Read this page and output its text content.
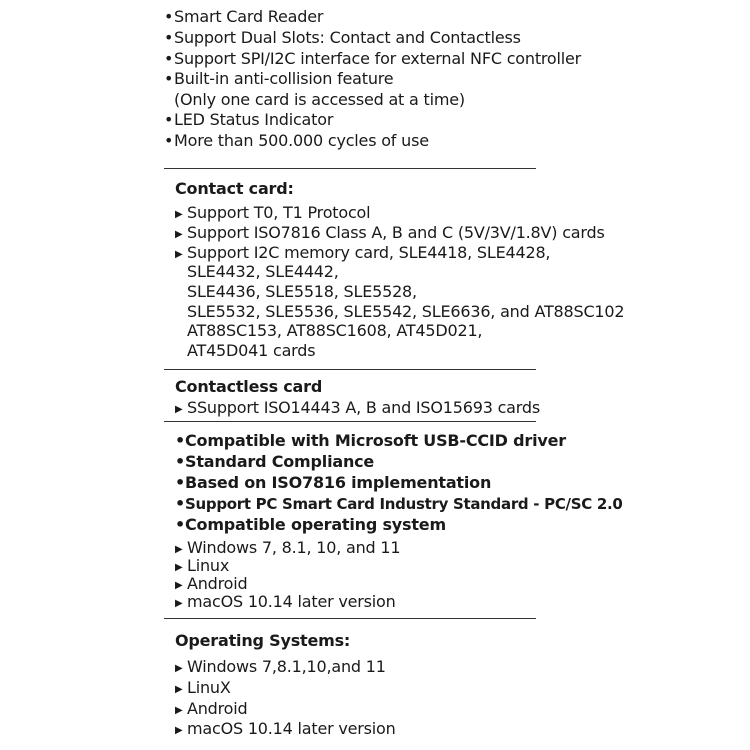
•Smart Card Reader
•Support Dual Slots: Contact and Contactless
•Support SPI/I2C interface for external NFC controller
•Built-in anti-collision feature
(Only one card is accessed at a time)
•LED Status Indicator
•More than 500.000 cycles of use
Contact card:
▶ Support T0, T1 Protocol
▶ Support ISO7816 Class A, B and C (5V/3V/1.8V) cards
▶ Support I2C memory card, SLE4418, SLE4428,
SLE4432, SLE4442,
SLE4436, SLE5518, SLE5528,
SLE5532, SLE5536, SLE5542, SLE6636, and AT88SC102
AT88SC153, AT88SC1608, AT45D021,
AT45D041 cards
Contactless card
▶ SSupport ISO14443 A, B and ISO15693 cards
•Compatible with Microsoft USB-CCID driver
•Standard Compliance
•Based on ISO7816 implementation
•Support PC Smart Card Industry Standard - PC/SC 2.0
•Compatible operating system
▶ Windows 7, 8.1, 10, and 11
▶ Linux
▶ Android
▶ macOS 10.14 later version
Operating Systems:
▶ Windows 7,8.1,10,and 11
▶ LinuX
▶ Android
▶ macOS 10.14 later version
